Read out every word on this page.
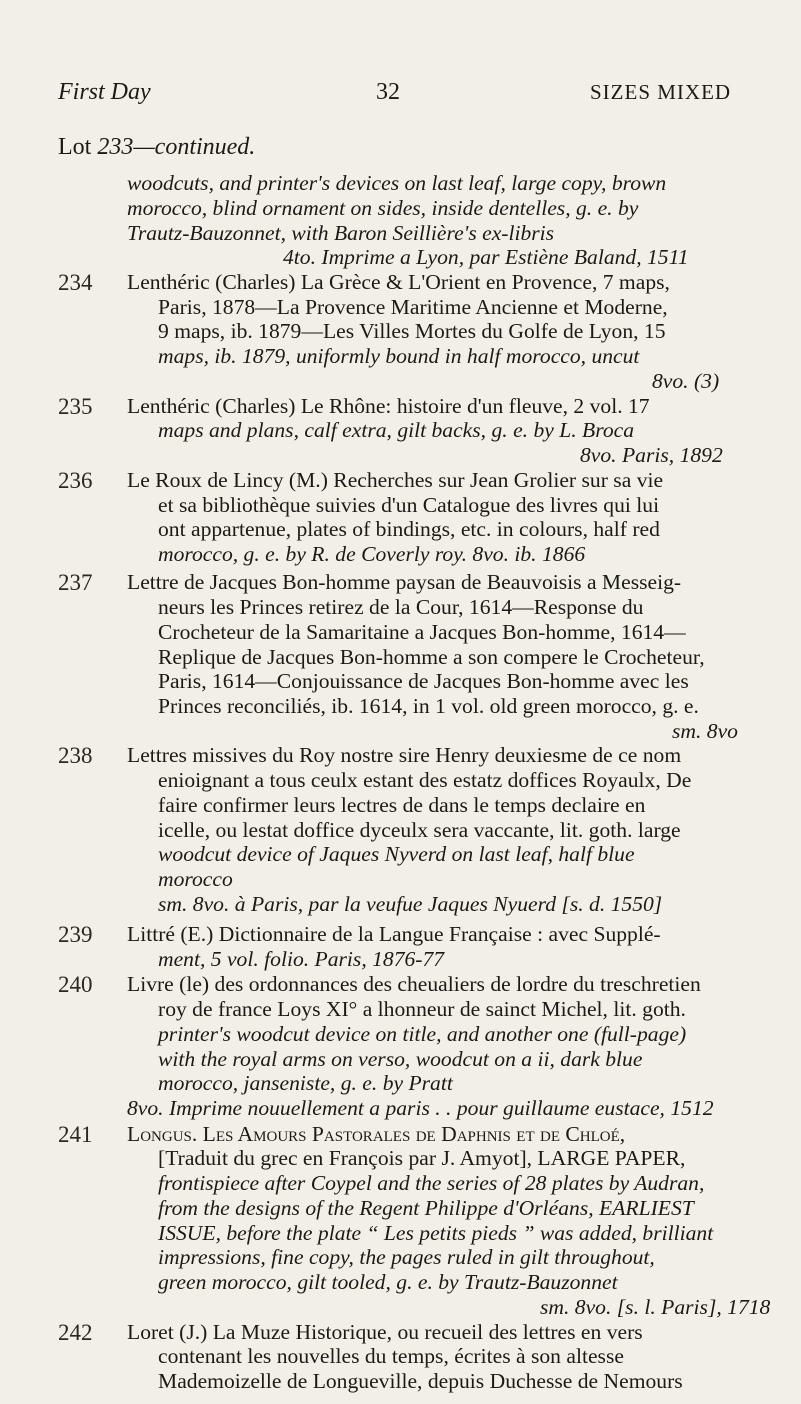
First Day	32	SIZES MIXED
Lot 233—continued.
woodcuts, and printer's devices on last leaf, large copy, brown
morocco, blind ornament on sides, inside dentelles, g. e. by
Trautz-Bauzonnet, with Baron Seillière's ex-libris
4to. Imprime a Lyon, par Estiène Baland, 1511
234 Lenthéric (Charles) La Grèce & L'Orient en Provence, 7 maps,
Paris, 1878—La Provence Maritime Ancienne et Moderne,
9 maps, ib. 1879—Les Villes Mortes du Golfe de Lyon, 15
maps, ib. 1879, uniformly bound in half morocco, uncut
8vo. (3)
235 Lenthéric (Charles) Le Rhône: histoire d'un fleuve, 2 vol. 17
maps and plans, calf extra, gilt backs, g. e. by L. Broca
8vo. Paris, 1892
236 Le Roux de Lincy (M.) Recherches sur Jean Grolier sur sa vie
et sa bibliothèque suivies d'un Catalogue des livres qui lui
ont appartenue, plates of bindings, etc. in colours, half red
morocco, g. e. by R. de Coverly roy. 8vo. ib. 1866
237 Lettre de Jacques Bon-homme paysan de Beauvoisis a Messeig-
neurs les Princes retirez de la Cour, 1614—Response du
Crocheteur de la Samaritaine a Jacques Bon-homme, 1614—
Replique de Jacques Bon-homme a son compere le Crocheteur,
Paris, 1614—Conjouissance de Jacques Bon-homme avec les
Princes reconciliés, ib. 1614, in 1 vol. old green morocco, g. e.
sm. 8vo
238 Lettres missives du Roy nostre sire Henry deuxiesme de ce nom
enioignant a tous ceulx estant des estatz doffices Royaulx, De
faire confirmer leurs lectres de dans le temps declaire en
icelle, ou lestat doffice dyceulx sera vaccante, lit. goth. large
woodcut device of Jaques Nyverd on last leaf, half blue
morocco
sm. 8vo. à Paris, par la veufue Jaques Nyuerd [s. d. 1550]
239 Littré (E.) Dictionnaire de la Langue Française : avec Supplé-
ment, 5 vol. folio. Paris, 1876-77
240 Livre (le) des ordonnances des cheualiers de lordre du treschretien
roy de france Loys XI° a lhonneur de sainct Michel, lit. goth.
printer's woodcut device on title, and another one (full-page)
with the royal arms on verso, woodcut on a ii, dark blue
morocco, janseniste, g. e. by Pratt
8vo. Imprime nouuellement a paris . . pour guillaume eustace, 1512
241 Longus. Les Amours Pastorales de Daphnis et de Chloé,
[Traduit du grec en François par J. Amyot], LARGE PAPER,
frontispiece after Coypel and the series of 28 plates by Audran,
from the designs of the Regent Philippe d'Orléans, EARLIEST
ISSUE, before the plate “ Les petits pieds ” was added, brilliant
impressions, fine copy, the pages ruled in gilt throughout,
green morocco, gilt tooled, g. e. by Trautz-Bauzonnet
sm. 8vo. [s. l. Paris], 1718
242 Loret (J.) La Muze Historique, ou recueil des lettres en vers
contenant les nouvelles du temps, écrites à son altesse
Mademoizelle de Longueville, depuis Duchesse de Nemours
